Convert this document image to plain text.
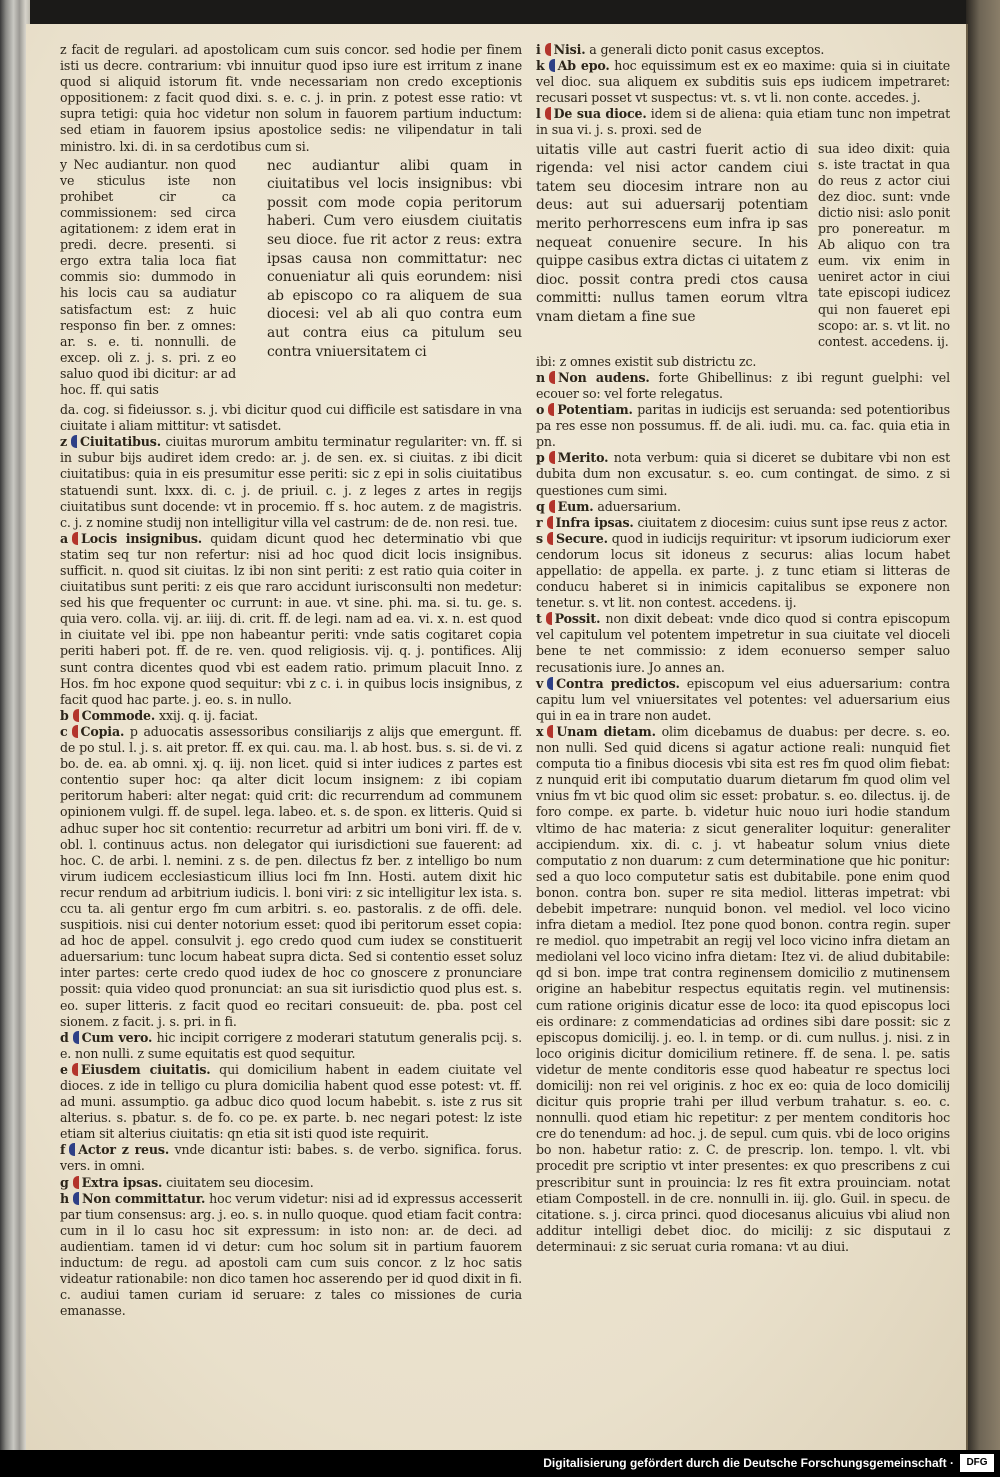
z facit de regulari. ad apostolicam cum suis concor. sed hodie per finem isti us decre. contrarium: vbi innuitur quod ipso iure est irritum z inane quod si aliquid istorum fit. vnde necessariam non credo exceptionis oppositionem: z facit quod dixi. s. e. c. j. in prin. z potest esse ratio: vt supra tetigi: quia hoc videtur non solum in fauorem partium inductum: sed etiam in fauorem ipsius apostolice sedis: ne vilipendatur in tali ministro. lxi. di. in sa cerdotibus cum si.

y Nec audiantur. non quod ve sticulus iste non prohibet cir ca commissionem: sed circa agitationem: z idem erat in predi. decre. presenti. si ergo extra talia loca fiat commis sio: dummodo in his locis cau sa audiatur satisfactum est: z huic responso fin ber. z omnes: ar. s. e. ti. nonnulli. de excep. oli z. j. s. pri. z eo saluo quod ibi dicitur: ar ad hoc. ff. qui satis
nec audiantur alibi quam in ciuitatibus vel locis insignibus: vbi possit com mode copia peritorum haberi. Cum vero eiusdem ciuitatis seu dioce. fue rit actor z reus: extra ipsas causa non committatur: nec conueniatur ali quis eorundem: nisi ab episcopo co ra aliquem de sua diocesi: vel ab ali quo contra eum aut contra eius ca pitulum seu contra vniuersitatem ci

da. cog. si fideiussor. s. j. vbi dicitur quod cui difficile est satisdare in vna ciuitate i aliam mittitur: vt satisdet.

z Ciuitatibus. ciuitas murorum ambitu terminatur regulariter: vn. ff. si in subur bijs audiret idem credo: ar. j. de sen. ex. si ciuitas. z ibi dicit ciuitatibus: quia in eis presumitur esse periti: sic z epi in solis ciuitatibus statuendi sunt. lxxx. di. c. j. de priuil. c. j. z leges z artes in regijs ciuitatibus sunt docende: vt in procemio. ff s. hoc autem. z de magistris. c. j. z nomine studij non intelligitur villa vel castrum: de de. non resi. tue.

a Locis insignibus. quidam dicunt quod hec determinatio vbi que statim seq tur non refertur: nisi ad hoc quod dicit locis insignibus. sufficit. n. quod sit ciuitas. lz ibi non sint periti: z est ratio quia coiter in ciuitatibus sunt periti: z eis que raro accidunt iurisconsulti non medetur: sed his que frequenter oc currunt: in aue. vt sine. phi. ma. si. tu. ge. s. quia vero. colla. vij. ar. iiij. di. crit. ff. de legi. nam ad ea. vi. x. n. est quod in ciuitate vel ibi. ppe non habeantur periti: vnde satis cogitaret copia periti haberi pot. ff. de re. ven. quod religiosis. vij. q. j. pontifices. Alij sunt contra dicentes quod vbi est eadem ratio. primum placuit Inno. z Hos. fm hoc expone quod sequitur: vbi z c. i. in quibus locis insignibus, z facit quod hac parte. j. eo. s. in nullo.

b Commode. xxij. q. ij. faciat.

c Copia. p aduocatis assessoribus consiliarijs z alijs que emergunt. ff. de po stul. l. j. s. ait pretor. ff. ex qui. cau. ma. l. ab host. bus. s. si. de vi. z bo. de. ea. ab omni. xj. q. iij. non licet. quid si inter iudices z partes est contentio super hoc: qa alter dicit locum insignem: z ibi copiam peritorum haberi: alter negat: quid crit: dic recurrendum ad communem opinionem vulgi. ff. de supel. lega. labeo. et. s. de spon. ex litteris. Quid si adhuc super hoc sit contentio: recurretur ad arbitri um boni viri. ff. de v. obl. l. continuus actus. non delegator qui iurisdictioni sue fauerent: ad hoc. C. de arbi. l. nemini. z s. de pen. dilectus fz ber. z intelligo bo num virum iudicem ecclesiasticum illius loci fm Inn. Hosti. autem dixit hic recur rendum ad arbitrium iudicis. l. boni viri: z sic intelligitur lex ista. s. ccu ta. ali gentur ergo fm cum arbitri. s. eo. pastoralis. z de offi. dele. suspitiois. nisi cui denter notorium esset: quod ibi peritorum esset copia: ad hoc de appel. consulvit j. ego credo quod cum iudex se constituerit aduersarium: tunc locum habeat supra dicta. Sed si contentio esset soluz inter partes: certe credo quod iudex de hoc co gnoscere z pronunciare possit: quia video quod pronunciat: an sua sit iurisdictio quod plus est. s. eo. super litteris. z facit quod eo recitari consueuit: de. pba. post cel sionem. z facit. j. s. pri. in fi.

d Cum vero. hic incipit corrigere z moderari statutum generalis pcij. s. e. non nulli. z sume equitatis est quod sequitur.

e Eiusdem ciuitatis. qui domicilium habent in eadem ciuitate vel dioces. z ide in telligo cu plura domicilia habent quod esse potest: vt. ff. ad muni. assumptio. ga adbuc dico quod locum habebit. s. iste z rus sit alterius. s. pbatur. s. de fo. co pe. ex parte. b. nec negari potest: lz iste etiam sit alterius ciuitatis: qn etia sit isti quod iste requirit.

f Actor z reus. vnde dicantur isti: babes. s. de verbo. significa. forus. vers. in omni.

g Extra ipsas. ciuitatem seu diocesim.

h Non committatur. hoc verum videtur: nisi ad id expressus accesserit par tium consensus: arg. j. eo. s. in nullo quoque. quod etiam facit contra: cum in il lo casu hoc sit expressum: in isto non: ar. de deci. ad audientiam. tamen id vi detur: cum hoc solum sit in partium fauorem inductum: de regu. ad apostoli cam cum suis concor. z lz hoc satis videatur rationabile: non dico tamen hoc asserendo per id quod dixit in fi. c. audiui tamen curiam id seruare: z tales co missiones de curia emanasse.

i Nisi. a generali dicto ponit casus exceptos.

k Ab epo. hoc equissimum est ex eo maxime: quia si in ciuitate vel dioc. sua aliquem ex subditis suis eps iudicem impetraret: recusari posset vt suspectus: vt. s. vt li. non conte. accedes. j.

l De sua dioce. idem si de aliena: quia etiam tunc non impetrat in sua vi. j. s. proxi. sed de

uitatis ville aut castri fuerit actio di rigenda: vel nisi actor candem ciui tatem seu diocesim intrare non au deus: aut sui aduersarij potentiam merito perhorrescens eum infra ip sas nequeat conuenire secure. In his quippe casibus extra dictas ci uitatem z dioc. possit contra predi ctos causa committi: nullus tamen eorum vltra vnam dietam a fine sue
sua ideo dixit: quia s. iste tractat in qua do reus z actor ciui dez dioc. sunt: vnde dictio nisi: aslo ponit pro ponereatur. m Ab aliquo con tra eum. vix enim in ueniret actor in ciui tate episcopi iudicez qui non faueret epi scopo: ar. s. vt lit. no contest. accedens. ij.

ibi: z omnes existit sub districtu zc.

n Non audens. forte Ghibellinus: z ibi regunt guelphi: vel ecouer so: vel forte relegatus.

o Potentiam. paritas in iudicijs est seruanda: sed potentioribus pa res esse non possumus. ff. de ali. iudi. mu. ca. fac. quia etia in pn.

p Merito. nota verbum: quia si diceret se dubitare vbi non est dubita dum non excusatur. s. eo. cum contingat. de simo. z si questiones cum simi.

q Eum. aduersarium.

r Infra ipsas. ciuitatem z diocesim: cuius sunt ipse reus z actor.

s Secure. quod in iudicijs requiritur: vt ipsorum iudiciorum exer cendorum locus sit idoneus z securus: alias locum habet appellatio: de appella. ex parte. j. z tunc etiam si litteras de conducu haberet si in inimicis capitalibus se exponere non tenetur. s. vt lit. non contest. accedens. ij.

t Possit. non dixit debeat: vnde dico quod si contra episcopum vel capitulum vel potentem impetretur in sua ciuitate vel dioceli bene te net commissio: z idem econuerso semper saluo recusationis iure. Jo annes an.

v Contra predictos. episcopum vel eius aduersarium: contra capitu lum vel vniuersitates vel potentes: vel aduersarium eius qui in ea in trare non audet.

x Unam dietam. olim dicebamus de duabus: per decre. s. eo. non nulli. Sed quid dicens si agatur actione reali: nunquid fiet computa tio a finibus diocesis vbi sita est res fm quod olim fiebat: z nunquid erit ibi computatio duarum dietarum fm quod olim vel vnius fm vt bic quod olim sic esset: probatur. s. eo. dilectus. ij. de foro compe. ex parte. b. videtur huic nouo iuri hodie standum vltimo de hac materia: z sicut generaliter loquitur: generaliter accipiendum. xix. di. c. j. vt habeatur solum vnius diete computatio z non duarum: z cum determinatione que hic ponitur: sed a quo loco computetur satis est dubitabile. pone enim quod bonon. contra bon. super re sita mediol. litteras impetrat: vbi debebit impetrare: nunquid bonon. vel mediol. vel loco vicino infra dietam a mediol. Itez pone quod bonon. contra regin. super re mediol. quo impetrabit an regij vel loco vicino infra dietam an mediolani vel loco vicino infra dietam: Itez vi. de aliud dubitabile: qd si bon. impe trat contra reginensem domicilio z mutinensem origine an habebitur respectus equitatis regin. vel mutinensis: cum ratione originis dicatur esse de loco: ita quod episcopus loci eis ordinare: z commendaticias ad ordines sibi dare possit: sic z episcopus domicilij. j. eo. l. in temp. or di. cum nullus. j. nisi. z in loco originis dicitur domicilium retinere. ff. de sena. l. pe. satis videtur de mente conditoris esse quod habeatur re spectus loci domicilij: non rei vel originis. z hoc ex eo: quia de loco domicilij dicitur quis proprie trahi per illud verbum trahatur. s. eo. c. nonnulli. quod etiam hic repetitur: z per mentem conditoris hoc cre do tenendum: ad hoc. j. de sepul. cum quis. vbi de loco origins bo non. habetur ratio: z. C. de prescrip. lon. tempo. l. vlt. vbi procedit pre scriptio vt inter presentes: ex quo prescribens z cui prescribitur sunt in prouincia: lz res fit extra prouinciam. notat etiam Compostell. in de cre. nonnulli in. iij. glo. Guil. in specu. de citatione. s. j. circa princi. quod diocesanus alicuius vbi aliud non additur intelligi debet dioc. do micilij: z sic disputaui z determinaui: z sic seruat curia romana: vt au diui.

Digitalisierung gefördert durch die Deutsche Forschungsgemeinschaft ·	DFG
